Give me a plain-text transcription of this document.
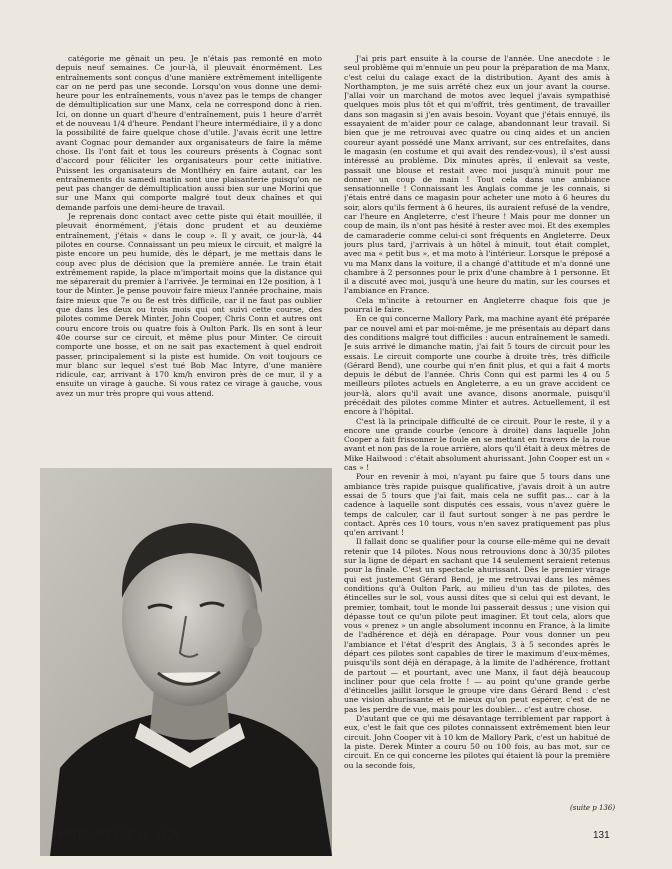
catégorie me gênait un peu. Je n'étais pas remonté en moto depuis neuf semaines. Ce jour-là, il pleuvait énormément. Les entraînements sont conçus d'une manière extrêmement intelligente car on ne perd pas une seconde. Lorsqu'on vous donne une demi-heure pour les entraînements, vous n'avez pas le temps de changer de démultiplication sur une Manx, cela ne correspond donc à rien. Ici, on donne un quart d'heure d'entraînement, puis 1 heure d'arrêt et de nouveau 1/4 d'heure. Pendant l'heure intermédiaire, il y a donc la possibilité de faire quelque chose d'utile. J'avais écrit une lettre avant Cognac pour demander aux organisateurs de faire la même chose. Ils l'ont fait et tous les coureurs présents à Cognac sont d'accord pour féliciter les organisateurs pour cette initiative. Puissent les organisateurs de Montlhéry en faire autant, car les entraînements du samedi matin sont une plaisanterie puisqu'on ne peut pas changer de démultiplication aussi bien sur une Morini que sur une Manx qui comporte malgré tout deux chaînes et qui demande parfois une demi-heure de travail.

Je reprenais donc contact avec cette piste qui était mouillée, il pleuvait énormément, j'étais donc prudent et au deuxième entraînement, j'étais « dans le coup ». Il y avait, ce jour-là, 44 pilotes en course. Connaissant un peu mieux le circuit, et malgré la piste encore un peu humide, dès le départ, je me mettais dans le coup avec plus de décision que la première année. Le train était extrêmement rapide, la place m'importait moins que la distance qui me séparerait du premier à l'arrivée. Je terminai en 12e position, à 1 tour de Minter. Je pense pouvoir faire mieux l'année prochaine, mais faire mieux que 7e ou 8e est très difficile, car il ne faut pas oublier que dans les deux ou trois mois qui ont suivi cette course, des pilotes comme Derek Minter, John Cooper, Chris Conn et autres ont couru encore trois ou quatre fois à Oulton Park. Ils en sont à leur 40e course sur ce circuit, et même plus pour Minter. Ce circuit comporte une bosse, et on ne sait pas exactement à quel endroit passer, principalement si la piste est humide. On voit toujours ce mur blanc sur lequel s'est tué Bob Mac Intyre, d'une manière ridicule, car, arrivant à 170 km/h environ près de ce mur, il y a ensuite un virage à gauche. Si vous ratez ce virage à gauche, vous avez un mur très propre qui vous attend.

J'ai pris part ensuite à la course de l'année. Une anecdote : le seul problème qui m'ennuie un peu pour la préparation de ma Manx, c'est celui du calage exact de la distribution. Ayant des amis à Northampton, je me suis arrêté chez eux un jour avant la course. J'allai voir un marchand de motos avec lequel j'avais sympathisé quelques mois plus tôt et qui m'offrit, très gentiment, de travailler dans son magasin si j'en avais besoin. Voyant que j'étais ennuyé, ils essayaient de m'aider pour ce calage, abandonnant leur travail. Si bien que je me retrouvai avec quatre ou cinq aides et un ancien coureur ayant possédé une Manx arrivant, sur ces entrefaites, dans le magasin (en costume et qui avait des rendez-vous), il s'est aussi intéressé au problème. Dix minutes après, il enlevait sa veste, passait une blouse et restait avec moi jusqu'à minuit pour me donner un coup de main ! Tout cela dans une ambiance sensationnelle ! Connaissant les Anglais comme je les connais, si j'étais entré dans ce magasin pour acheter une moto à 6 heures du soir, alors qu'ils ferment à 6 heures, ils auraient refusé de la vendre, car l'heure en Angleterre, c'est l'heure ! Mais pour me donner un coup de main, ils n'ont pas hésité à rester avec moi. Et des exemples de camaraderie comme celui-ci sont fréquents en Angleterre. Deux jours plus tard, j'arrivais à un hôtel à minuit, tout était complet, avec ma « petit bus », et ma moto à l'intérieur. Lorsque le préposé a vu ma Manx dans la voiture, il a changé d'attitude et m'a donné une chambre à 2 personnes pour le prix d'une chambre à 1 personne. Et il a discuté avec moi, jusqu'à une heure du matin, sur les courses et l'ambiance en France.

Cela m'incite à retourner en Angleterre chaque fois que je pourrai le faire.

En ce qui concerne Mallory Park, ma machine ayant été préparée par ce nouvel ami et par moi-même, je me présentais au départ dans des conditions malgré tout difficiles : aucun entraînement le samedi. Je suis arrivé le dimanche matin, j'ai fait 5 tours de circuit pour les essais. Le circuit comporte une courbe à droite très, très difficile (Gérard Bend), une courbe qui n'en finit plus, et qui a fait 4 morts depuis le début de l'année. Chris Conn qui est parmi les 4 ou 5 meilleurs pilotes actuels en Angleterre, a eu un grave accident ce jour-là, alors qu'il avait une avance, disons anormale, puisqu'il précédait des pilotes comme Minter et autres. Actuellement, il est encore à l'hôpital.

C'est là la principale difficulté de ce circuit. Pour le reste, il y a encore une grande courbe (encore à droite) dans laquelle John Cooper a fait frissonner le foule en se mettant en travers de la roue avant et non pas de la roue arrière, alors qu'il était à deux mètres de Mike Hailwood : c'était absolument ahurissant. John Cooper est un « cas » !

Pour en revenir à moi, n'ayant pu faire que 5 tours dans une ambiance très rapide puisque qualificative, j'avais droit à un autre essai de 5 tours que j'ai fait, mais cela ne suffit pas... car à la cadence à laquelle sont disputés ces essais, vous n'avez guère le temps de calculer, car il faut surtout songer à ne pas perdre le contact. Après ces 10 tours, vous n'en savez pratiquement pas plus qu'en arrivant !

Il fallait donc se qualifier pour la course elle-même qui ne devait retenir que 14 pilotes. Nous nous retrouvions donc à 30/35 pilotes sur la ligne de départ en sachant que 14 seulement seraient retenus pour la finale. C'est un spectacle ahurissant. Dès le premier virage qui est justement Gérard Bend, je me retrouvai dans les mêmes conditions qu'à Oulton Park, au milieu d'un tas de pilotes, des étincelles sur le sol, vous aussi dites que si celui qui est devant, le premier, tombait, tout le monde lui passerait dessus ; une vision qui dépasse tout ce qu'un pilote peut imaginer. Et tout cela, alors que vous « prenez » un angle absolument inconnu en France, à la limite de l'adhérence et déjà en dérapage. Pour vous donner un peu l'ambiance et l'état d'esprit des Anglais, 3 à 5 secondes après le départ ces pilotes sont capables de tirer le maximum d'eux-mêmes, puisqu'ils sont déjà en dérapage, à la limite de l'adhérence, frottant de partout — et pourtant, avec une Manx, il faut déjà beaucoup incliner pour que cela frotte ! — au point qu'une grande gerbe d'étincelles jaillit lorsque le groupe vire dans Gérard Bend : c'est une vision ahurissante et le mieux qu'on peut espérer, c'est de ne pas les perdre de vue, mais pour les doubler... c'est autre chose.

D'autant que ce qui me désavantage terriblement par rapport à eux, c'est le fait que ces pilotes connaissent extrêmement bien leur circuit. John Cooper vit à 10 km de Mallory Park, c'est un habitué de la piste. Derek Minter a couru 50 ou 100 fois, au bas mot, sur ce circuit. En ce qui concerne les pilotes qui étaient là pour la première ou la seconde fois,

(suite p 136)
MOTO-REVUE N° 1726	131
